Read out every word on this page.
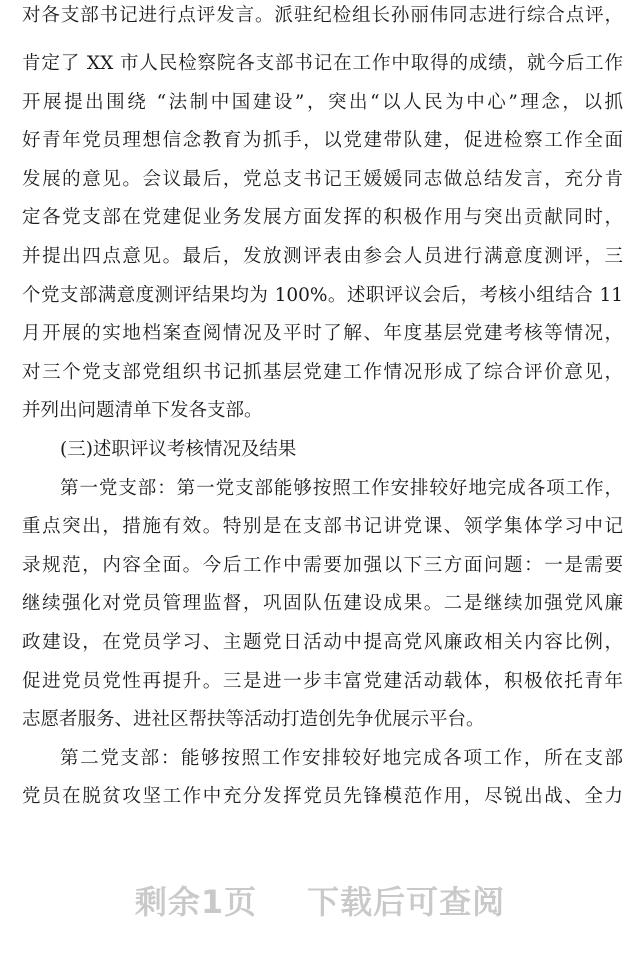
对各支部书记进行点评发言。派驻纪检组长孙丽伟同志进行综合点评，
肯定了 XX 市人民检察院各支部书记在工作中取得的成绩，就今后工作
开展提出围绕 “法制中国建设”，突出“以人民为中心”理念，以抓
好青年党员理想信念教育为抓手，以党建带队建，促进检察工作全面
发展的意见。会议最后，党总支书记王媛媛同志做总结发言，充分肯
定各党支部在党建促业务发展方面发挥的积极作用与突出贡献同时，
并提出四点意见。最后，发放测评表由参会人员进行满意度测评，三
个党支部满意度测评结果均为 100%。述职评议会后，考核小组结合 11
月开展的实地档案查阅情况及平时了解、年度基层党建考核等情况，
对三个党支部党组织书记抓基层党建工作情况形成了综合评价意见，
并列出问题清单下发各支部。
(三)述职评议考核情况及结果
第一党支部：第一党支部能够按照工作安排较好地完成各项工作，
重点突出，措施有效。特别是在支部书记讲党课、领学集体学习中记
录规范，内容全面。今后工作中需要加强以下三方面问题：一是需要
继续强化对党员管理监督，巩固队伍建设成果。二是继续加强党风廉
政建设，在党员学习、主题党日活动中提高党风廉政相关内容比例，
促进党员党性再提升。三是进一步丰富党建活动载体，积极依托青年
志愿者服务、进社区帮扶等活动打造创先争优展示平台。
第二党支部：能够按照工作安排较好地完成各项工作，所在支部
党员在脱贫攻坚工作中充分发挥党员先锋模范作用，尽锐出战、全力
剩余1页 下载后可查阅
